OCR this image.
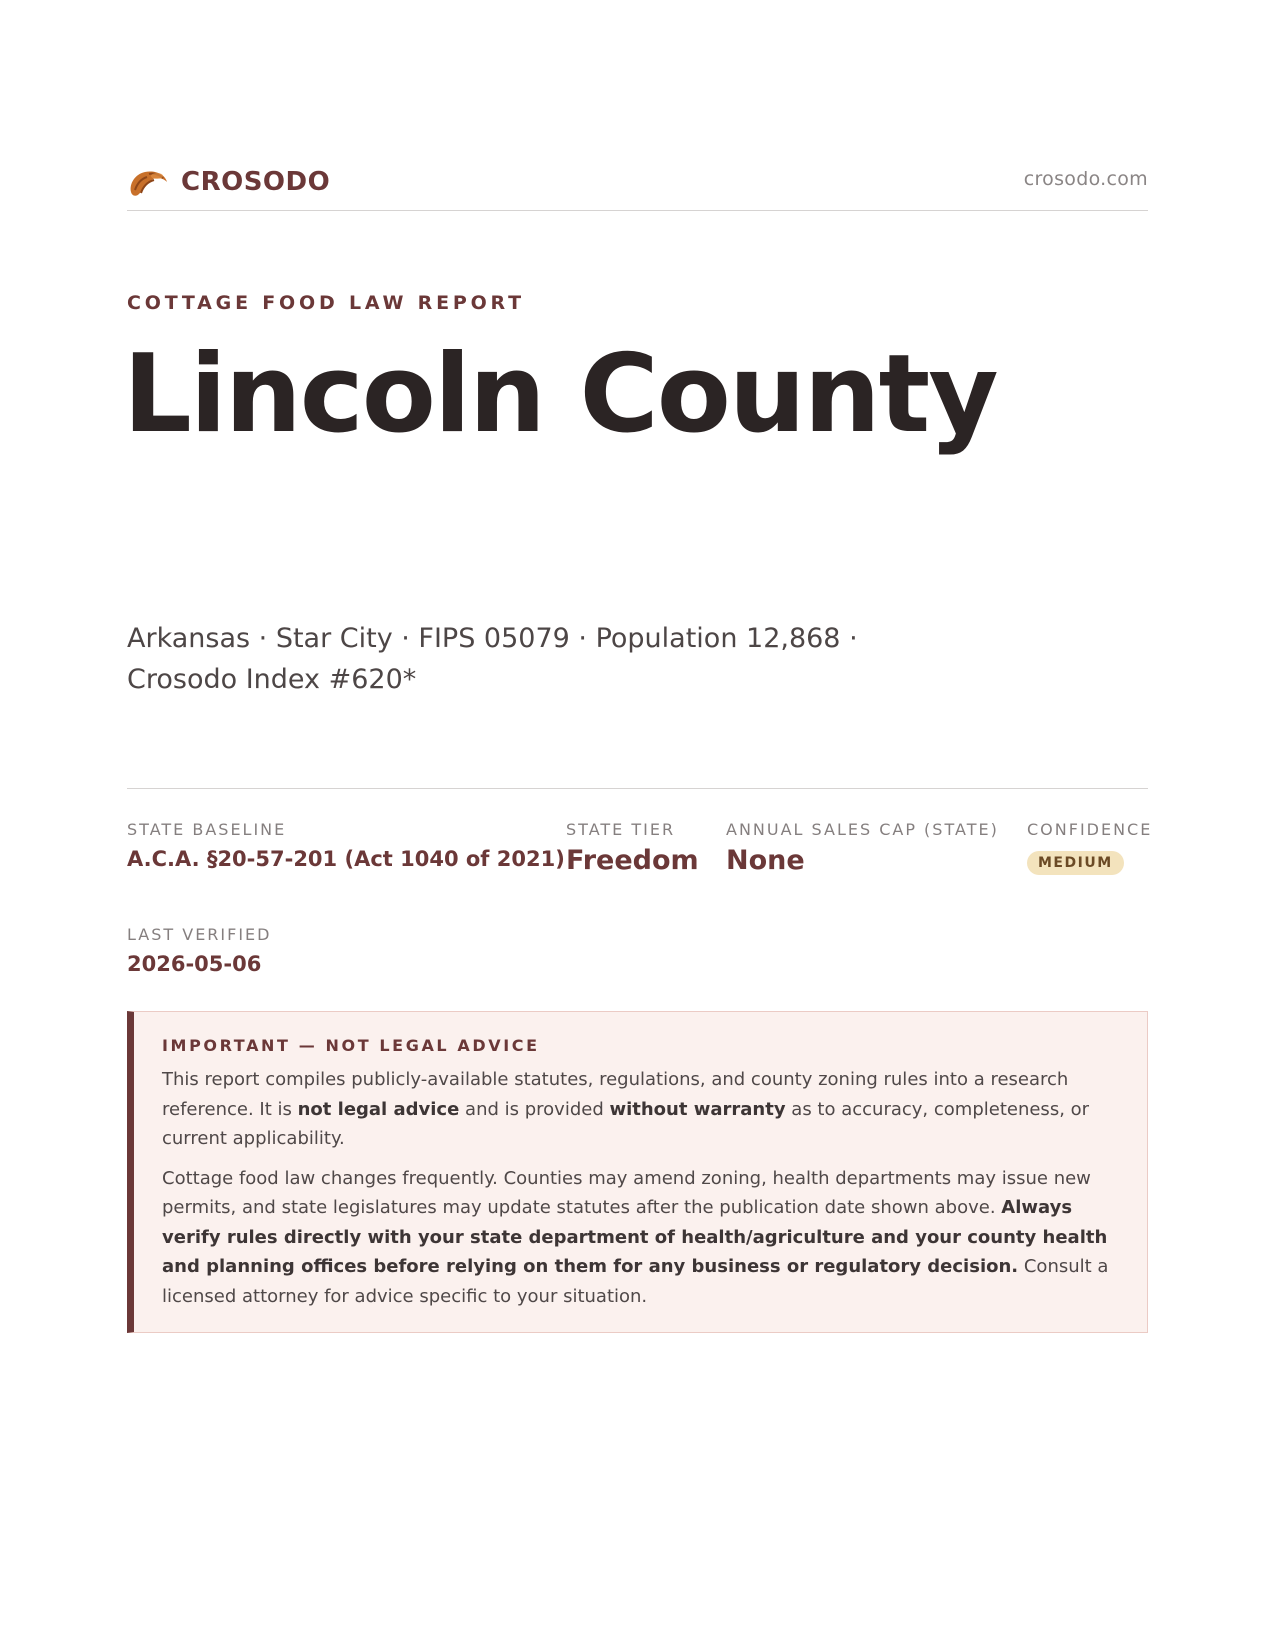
CROSODO	crosodo.com
COTTAGE FOOD LAW REPORT
Lincoln County
Arkansas · Star City · FIPS 05079 · Population 12,868 · Crosodo Index #620*
STATE BASELINE
A.C.A. §20-57-201 (Act 1040 of 2021)
STATE TIER
Freedom
ANNUAL SALES CAP (STATE)
None
CONFIDENCE
MEDIUM
LAST VERIFIED
2026-05-06
IMPORTANT — NOT LEGAL ADVICE

This report compiles publicly-available statutes, regulations, and county zoning rules into a research reference. It is not legal advice and is provided without warranty as to accuracy, completeness, or current applicability.

Cottage food law changes frequently. Counties may amend zoning, health departments may issue new permits, and state legislatures may update statutes after the publication date shown above. Always verify rules directly with your state department of health/agriculture and your county health and planning offices before relying on them for any business or regulatory decision. Consult a licensed attorney for advice specific to your situation.
